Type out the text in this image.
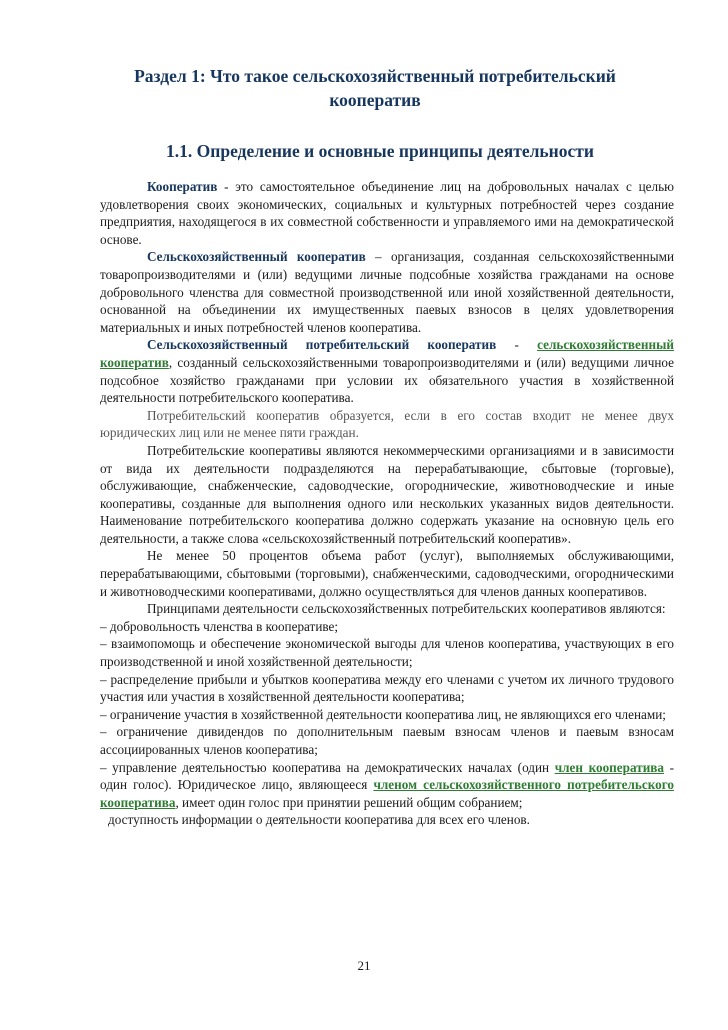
Раздел 1: Что такое сельскохозяйственный потребительский кооператив
1.1. Определение и основные принципы деятельности

Кооператив - это самостоятельное объединение лиц на добровольных началах с целью удовлетворения своих экономических, социальных и культурных потребностей через создание предприятия, находящегося в их совместной собственности и управляемого ими на демократической основе.

Сельскохозяйственный кооператив – организация, созданная сельскохозяйственными товаропроизводителями и (или) ведущими личные подсобные хозяйства гражданами на основе добровольного членства для совместной производственной или иной хозяйственной деятельности, основанной на объединении их имущественных паевых взносов в целях удовлетворения материальных и иных потребностей членов кооператива.

Сельскохозяйственный потребительский кооператив - сельскохозяйственный кооператив, созданный сельскохозяйственными товаропроизводителями и (или) ведущими личное подсобное хозяйство гражданами при условии их обязательного участия в хозяйственной деятельности потребительского кооператива.

Потребительский кооператив образуется, если в его состав входит не менее двух юридических лиц или не менее пяти граждан.

Потребительские кооперативы являются некоммерческими организациями и в зависимости от вида их деятельности подразделяются на перерабатывающие, сбытовые (торговые), обслуживающие, снабженческие, садоводческие, огороднические, животноводческие и иные кооперативы, созданные для выполнения одного или нескольких указанных видов деятельности. Наименование потребительского кооператива должно содержать указание на основную цель его деятельности, а также слова «сельскохозяйственный потребительский кооператив».

Не менее 50 процентов объема работ (услуг), выполняемых обслуживающими, перерабатывающими, сбытовыми (торговыми), снабженческими, садоводческими, огородническими и животноводческими кооперативами, должно осуществляться для членов данных кооперативов.

Принципами деятельности сельскохозяйственных потребительских кооперативов являются:

– добровольность членства в кооперативе;

– взаимопомощь и обеспечение экономической выгоды для членов кооператива, участвующих в его производственной и иной хозяйственной деятельности;

– распределение прибыли и убытков кооператива между его членами с учетом их личного трудового участия или участия в хозяйственной деятельности кооператива;

– ограничение участия в хозяйственной деятельности кооператива лиц, не являющихся его членами;

– ограничение дивидендов по дополнительным паевым взносам членов и паевым взносам ассоциированных членов кооператива;

– управление деятельностью кооператива на демократических началах (один член кооператива - один голос). Юридическое лицо, являющееся членом сельскохозяйственного потребительского кооператива, имеет один голос при принятии решений общим собранием;

доступность информации о деятельности кооператива для всех его членов.

21
